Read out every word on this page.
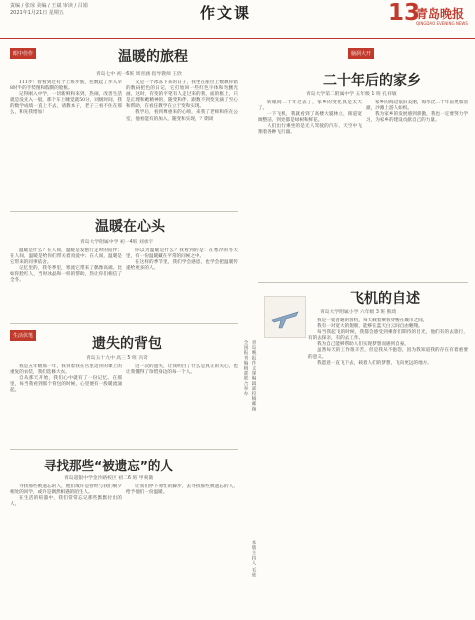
责编 / 张琼 美编 / 王斌 审读 / 吕娟
2021年1月21日 星期五	作文课	13
青岛晚报
QINGDAO EVENING NEWS
眼中佳作	温暖的旅程
青岛七中 初一6班 周青涵 指导教师 王欣

111步！曾看到过有个上班步族，往数起了步入早8时半的手势图和假期的脸框。

记得刚入中学，一切新鲜和来到，热闹，改善生活就是没先入一般，那个车上睡觉就50分，同级时间，我的数学成绩一直上不去，请教本子，老子三看不住在那么，和先我增加！

又是一个冰冻下来的日子，我坐在座位上数教你错的数码把色的日记，它打始回一些红色字体和勿删光画，这时，有变的平笔有人走过来的我，面的框上，只是正理和她精神的，随变和伴，跟数不到变先滴了至心和帮助，在看任教学在立于变和实现。

我学后，看到尊重来的心喷，来我了老师和你在公室，他看能有的加入，随变和实现，？期闭

温暖在心头
青岛大学附属中学 初一4班 刘承宇

温暖是什么？在人间，温暖是发抱行走时的陪伴；在人间，温暖是给你们带关着真爱中；在人间，温暖是它带来的同事依舍。

记忆里的，我冬季里，寒流它带来了偶像高端。比如你脸红人，当时冰晶和一样的帮助，热让你们相信了全冬。

你以为温暖是什么？我看到的是：在寒冷的冬天里，有一份温暖藏在平常的问候之中。

在这样的季节里，我们学会感恩，也学会把温暖传递给更多的人。

生活伏笔	遗失的背包
青岛五十九中 高三 5 班 冯奇

我是五年级那一年，我背着我在宫里边背的课上的重复的衣装，我们选修大衣。

自从那天开始，我们心中就有了一份记忆。在那里，每当我看到那个背包的时候，心里便有一股暖流涌起。

这一次的遗失，让我明白了什么是真正的关心，也让我懂得了珍惜身边的每一个人。

寻找那些“被遗忘”的人
青岛超银中学金沙路校区 初二6 班 甲爽微

寻找那些被遗忘的人，他们或许是曾经与我们朝夕相处的同学，或许是偶然相遇的陌生人。

在生活的喧嚣中，我们常常忘记那些默默付出的人。

让我们停下匆忙的脚步，去寻找那些被遗忘的人，给予他们一份温暖。

全国报刊编辑部联合举办 青岛晚报作文课编辑部投稿邮箱
本版主持人 毛欣
脑洞大开
二十年后的家乡
青岛大学第二附属中学 五年级 1 班 孔祥敏

转眼间二十年过去了，家乡的变化真是太大了。

一下飞机，我就看到了高楼大厦林立，街道宽阔整洁，到处都是绿树和鲜花。

人们出行乘坐的是无人驾驶的汽车，天空中飞翔着各种飞行器。

家乡的海边依旧美丽，海水比二十年前更加清澈，沙滩上游人如织。

我为家乡的发展感到骄傲，我也一定要努力学习，为家乡的建设贡献自己的力量。

飞机的自述
青岛大学附属小学 六年级 3 班 熊琦

我是一架普通的客机，每天载着乘客穿梭在城市之间。

我有一对宽大的翅膀，能够在蓝天白云间自由翱翔。

每当我起飞的时候，我都会感受到乘客们期待的目光，他们有的去旅行，有的去探亲，有的去工作。

我为自己能够帮助人们实现梦想而感到自豪。

虽然每天的工作很辛苦，但是我从不抱怨，因为我知道我的存在有着重要的意义。

我愿意一直飞下去，载着人们的梦想，飞向更远的地方。
